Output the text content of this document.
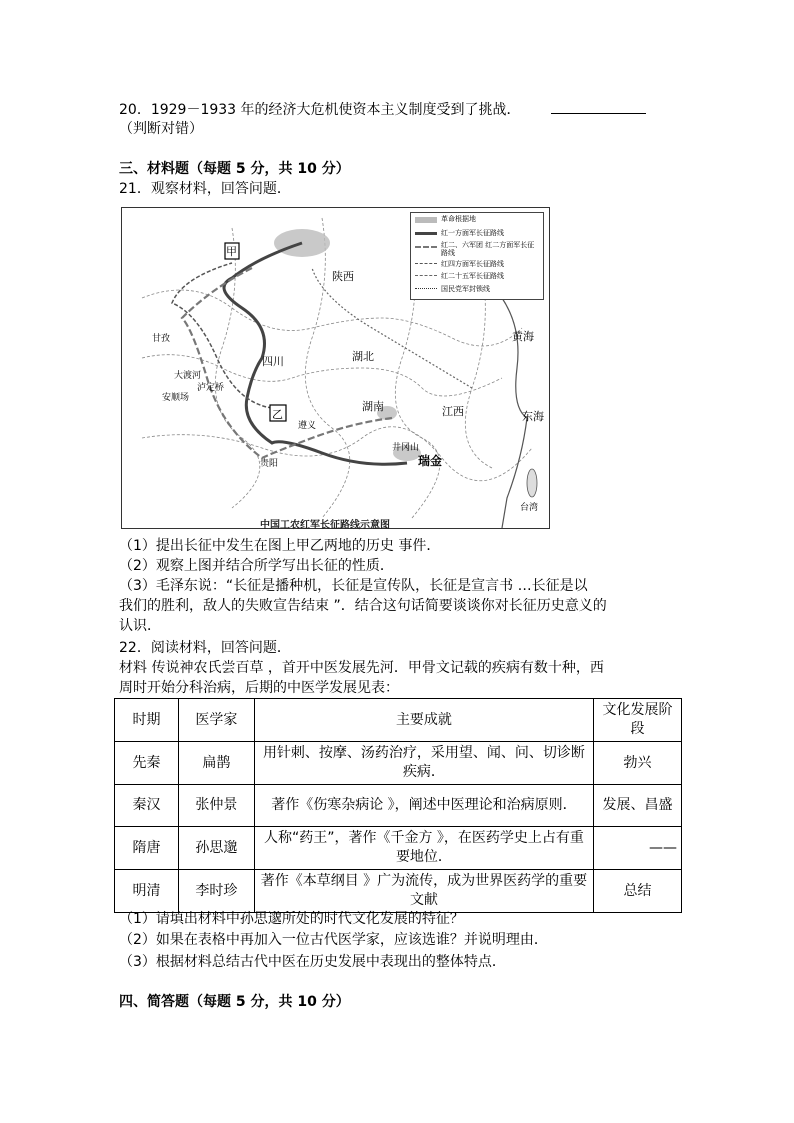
20．1929－1933 年的经济大危机使资本主义制度受到了挑战．
（判断对错）
三、材料题（每题 5 分，共 10 分）
21．观察材料，回答问题．
甲
乙
甘孜
大渡河
泸定桥
安顺场
贵阳
遵义
井冈山
瑞金
四川
陕西
湖北
湖南	江西
黄海
东海
台湾
革命根据地
红一方面军长征路线
红二、六军团 红二方面军长征路线
红四方面军长征路线
红二十五军长征路线
国民党军封锁线
中国工农红军长征路线示意图
（1）提出长征中发生在图上甲乙两地的历史 事件．
（2）观察上图并结合所学写出长征的性质．
（3）毛泽东说：“长征是播种机，长征是宣传队，长征是宣言书 …长征是以
我们的胜利，敌人的失败宣告结束 ”．结合这句话简要谈谈你对长征历史意义的
认识．
22．阅读材料，回答问题．
材料 传说神农氏尝百草 ，首开中医发展先河．甲骨文记载的疾病有数十种，西
周时开始分科治病，后期的中医学发展见表：
时期	医学家	主要成就	文化发展阶段
先秦	扁鹊	用针刺、按摩、汤药治疗，采用望、闻、问、切诊断疾病．	勃兴
秦汉	张仲景	著作《伤寒杂病论 》，阐述中医理论和治病原则．	发展、昌盛
隋唐	孙思邈	人称“药王”，著作《千金方 》，在医药学史上占有重要地位．	——
明清	李时珍	著作《本草纲目 》广为流传，成为世界医药学的重要文献	总结
（1）请填出材料中孙思邈所处的时代文化发展的特征？
（2）如果在表格中再加入一位古代医学家，应该选谁？并说明理由．
（3）根据材料总结古代中医在历史发展中表现出的整体特点．
四、简答题（每题 5 分，共 10 分）
